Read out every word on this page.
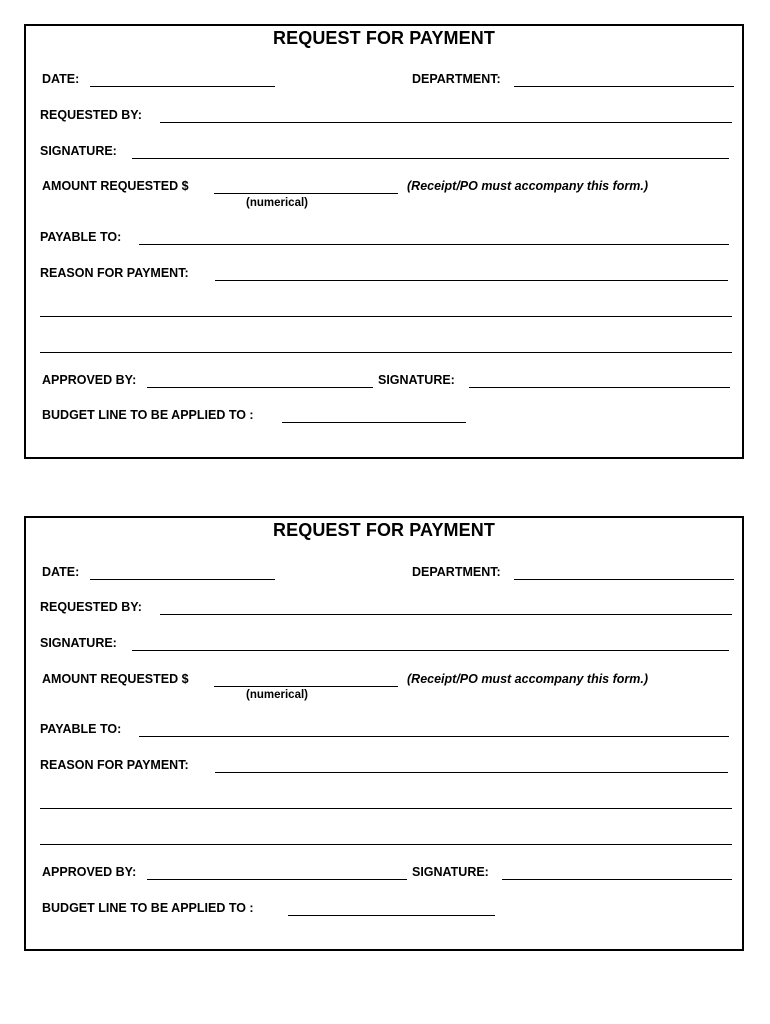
REQUEST FOR PAYMENT
DATE:	DEPARTMENT:
REQUESTED BY:
SIGNATURE:
AMOUNT REQUESTED $
(numerical)
(Receipt/PO must accompany this form.)
PAYABLE TO:
REASON FOR PAYMENT:
APPROVED BY:	SIGNATURE:
BUDGET LINE TO BE APPLIED TO :
REQUEST FOR PAYMENT
DATE:	DEPARTMENT:
REQUESTED BY:
SIGNATURE:
AMOUNT REQUESTED $
(numerical)
(Receipt/PO must accompany this form.)
PAYABLE TO:
REASON FOR PAYMENT:
APPROVED BY:	SIGNATURE:
BUDGET LINE TO BE APPLIED TO :
